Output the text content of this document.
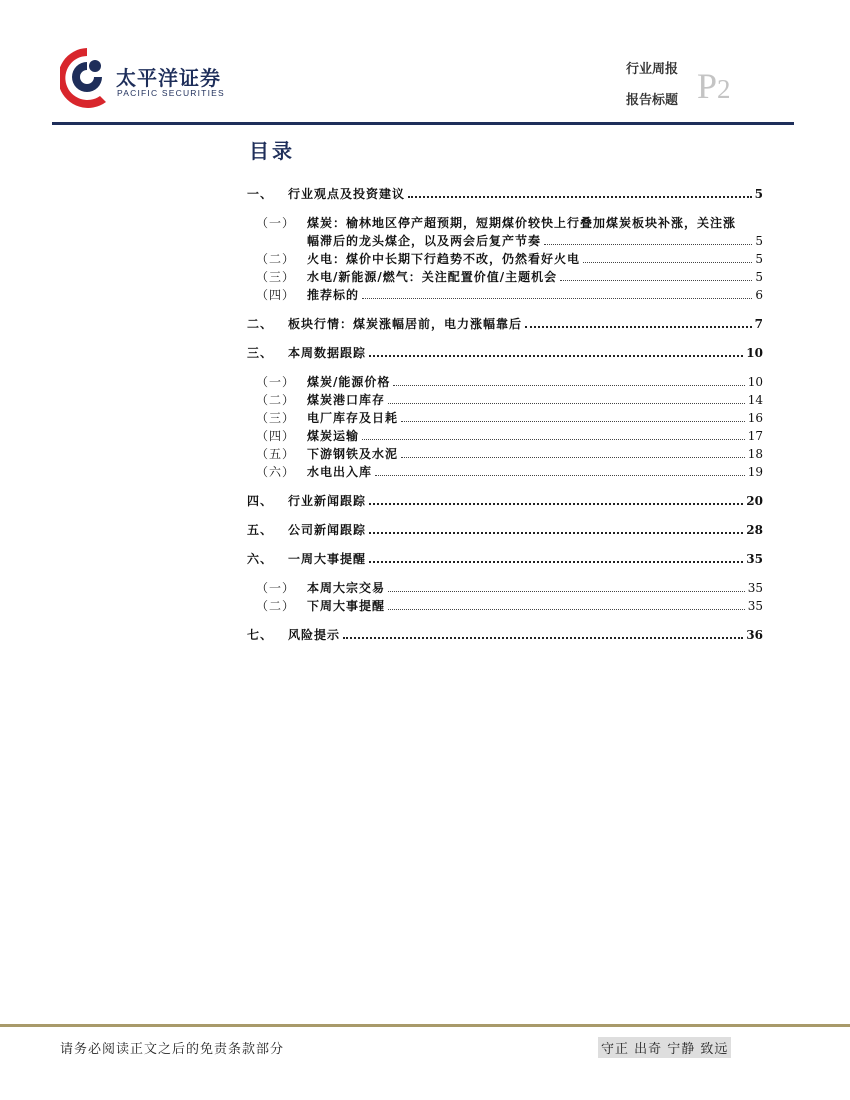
太平洋证券
PACIFIC SECURITIES
行业周报
报告标题 P2
目录
一、	行业观点及投资建议	5
（一） 煤炭：榆林地区停产超预期，短期煤价较快上行叠加煤炭板块补涨，关注涨
幅滞后的龙头煤企，以及两会后复产节奏	5
（二） 火电：煤价中长期下行趋势不改，仍然看好火电	5
（三） 水电/新能源/燃气：关注配置价值/主题机会	5
（四） 推荐标的	6
二、	板块行情：煤炭涨幅居前，电力涨幅靠后	7
三、	本周数据跟踪	10
（一） 煤炭/能源价格	10
（二） 煤炭港口库存	14
（三） 电厂库存及日耗	16
（四） 煤炭运输	17
（五） 下游钢铁及水泥	18
（六） 水电出入库	19
四、	行业新闻跟踪	20
五、	公司新闻跟踪	28
六、	一周大事提醒	35
（一） 本周大宗交易	35
（二） 下周大事提醒	35
七、	风险提示	36
请务必阅读正文之后的免责条款部分	守正 出奇 宁静 致远
